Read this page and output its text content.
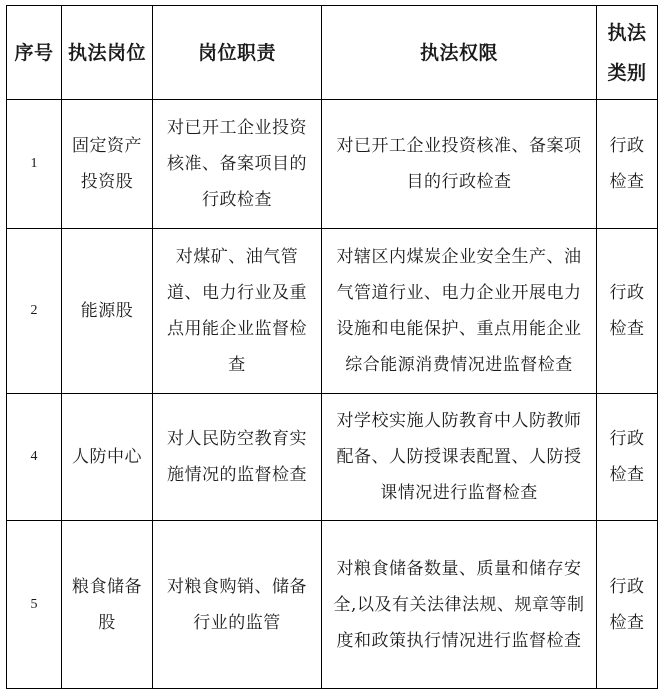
序号	执法岗位	岗位职责	执法权限	执法类别

1	固定资产投资股	对已开工企业投资核准、备案项目的行政检查	对已开工企业投资核准、备案项目的行政检查	行政检查

2	能源股	对煤矿、油气管道、电力行业及重点用能企业监督检查	对辖区内煤炭企业安全生产、油气管道行业、电力企业开展电力设施和电能保护、重点用能企业综合能源消费情况进监督检查	行政检查

4	人防中心	对人民防空教育实施情况的监督检查	对学校实施人防教育中人防教师配备、人防授课表配置、人防授课情况进行监督检查	行政检查

5	粮食储备股	对粮食购销、储备行业的监管	对粮食储备数量、质量和储存安全,以及有关法律法规、规章等制度和政策执行情况进行监督检查	行政检查
